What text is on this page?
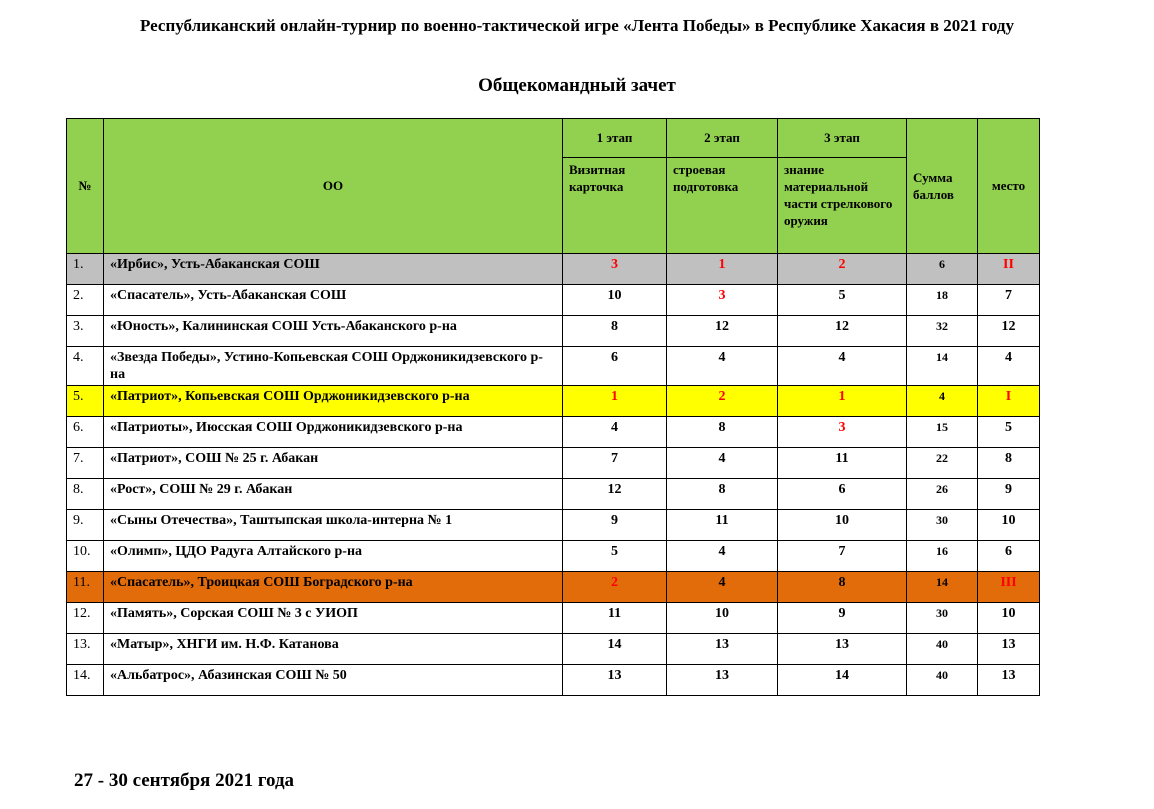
Республиканский онлайн-турнир по военно-тактической игре «Лента Победы» в Республике Хакасия в 2021 году
Общекомандный зачет
№	ОО	1 этап	2 этап	3 этап	Сумма баллов	место
		Визитная карточка	строевая подготовка	знание материальной части стрелкового оружия		
1.	«Ирбис», Усть-Абаканская СОШ	3	1	2	6	II
2.	«Спасатель», Усть-Абаканская СОШ	10	3	5	18	7
3.	«Юность», Калининская СОШ Усть-Абаканского р-на	8	12	12	32	12
4.	«Звезда Победы», Устино-Копьевская СОШ Орджоникидзевского р-на	6	4	4	14	4
5.	«Патриот», Копьевская СОШ Орджоникидзевского р-на	1	2	1	4	I
6.	«Патриоты», Июсская СОШ Орджоникидзевского р-на	4	8	3	15	5
7.	«Патриот», СОШ № 25 г. Абакан	7	4	11	22	8
8.	«Рост», СОШ № 29 г. Абакан	12	8	6	26	9
9.	«Сыны Отечества», Таштыпская школа-интерна № 1	9	11	10	30	10
10.	«Олимп», ЦДО Радуга Алтайского р-на	5	4	7	16	6
11.	«Спасатель», Троицкая СОШ Боградского р-на	2	4	8	14	III
12.	«Память», Сорская СОШ № 3 с УИОП	11	10	9	30	10
13.	«Матыр», ХНГИ им. Н.Ф. Катанова	14	13	13	40	13
14.	«Альбатрос», Абазинская СОШ № 50	13	13	14	40	13
27 - 30 сентября 2021 года
